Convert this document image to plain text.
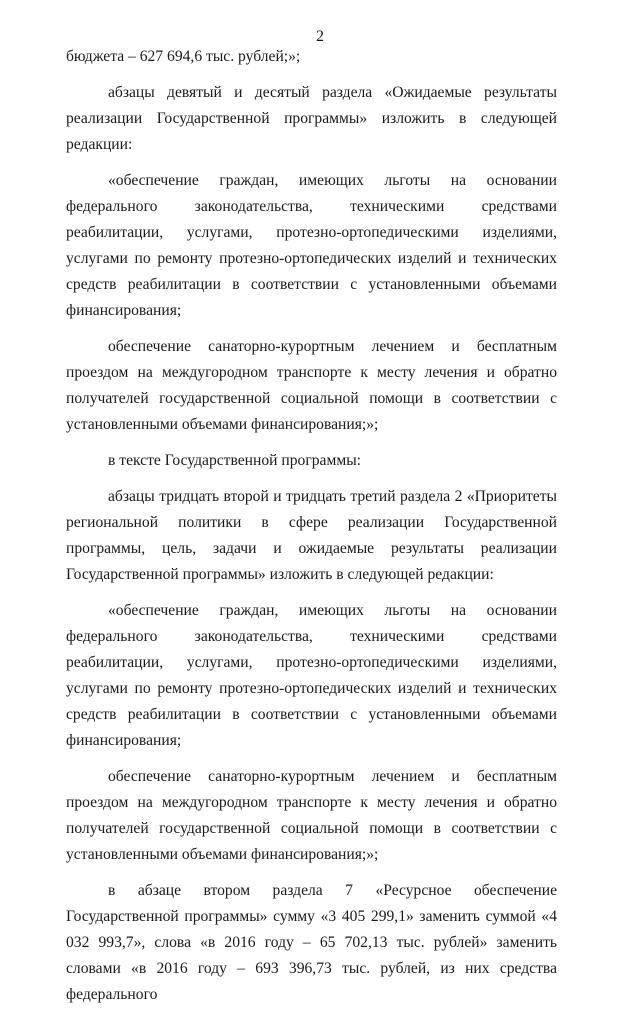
2

бюджета – 627 694,6 тыс. рублей;»;

абзацы девятый и десятый раздела «Ожидаемые результаты реализации Государственной программы» изложить в следующей редакции:

«обеспечение граждан, имеющих льготы на основании федерального законодательства, техническими средствами реабилитации, услугами, протезно-ортопедическими изделиями, услугами по ремонту протезно-ортопедических изделий и технических средств реабилитации в соответствии с установленными объемами финансирования;

обеспечение санаторно-курортным лечением и бесплатным проездом на междугородном транспорте к месту лечения и обратно получателей государственной социальной помощи в соответствии с установленными объемами финансирования;»;

в тексте Государственной программы:

абзацы тридцать второй и тридцать третий раздела 2 «Приоритеты региональной политики в сфере реализации Государственной программы, цель, задачи и ожидаемые результаты реализации Государственной программы» изложить в следующей редакции:

«обеспечение граждан, имеющих льготы на основании федерального законодательства, техническими средствами реабилитации, услугами, протезно-ортопедическими изделиями, услугами по ремонту протезно-ортопедических изделий и технических средств реабилитации в соответствии с установленными объемами финансирования;

обеспечение санаторно-курортным лечением и бесплатным проездом на междугородном транспорте к месту лечения и обратно получателей государственной социальной помощи в соответствии с установленными объемами финансирования;»;

в абзаце втором раздела 7 «Ресурсное обеспечение Государственной программы» сумму «3 405 299,1» заменить суммой «4 032 993,7», слова «в 2016 году – 65 702,13 тыс. рублей» заменить словами «в 2016 году – 693 396,73 тыс. рублей, из них средства федерального
